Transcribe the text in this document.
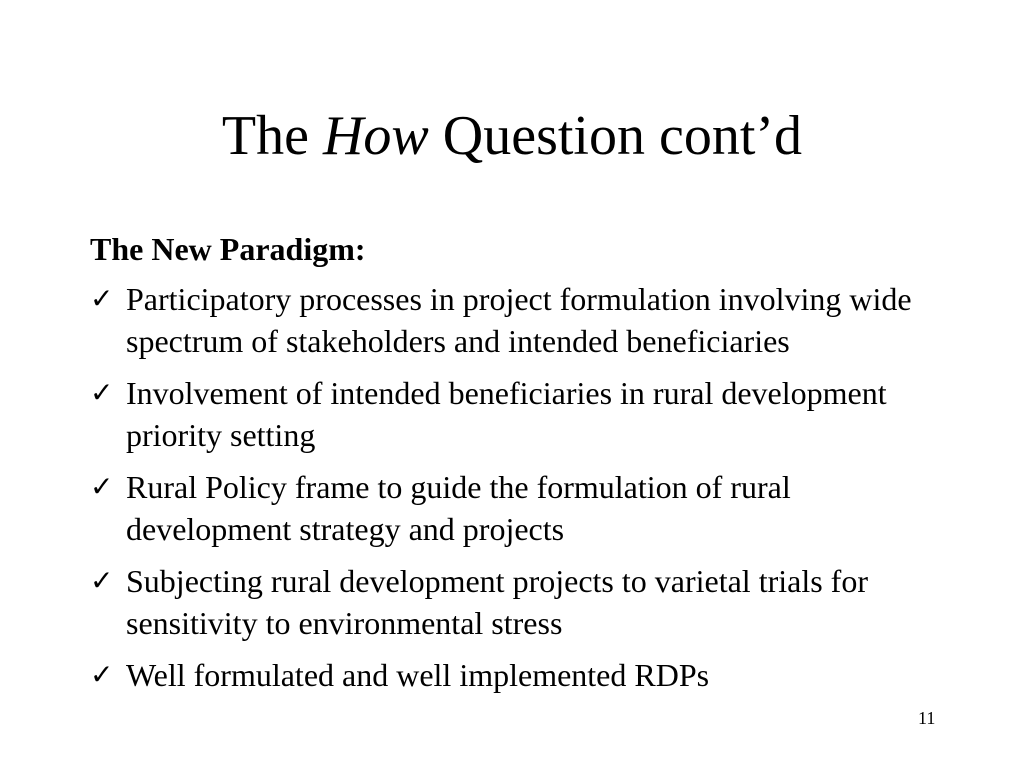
The How Question cont’d
The New Paradigm:
✓ Participatory processes in project formulation involving wide spectrum of stakeholders and intended beneficiaries
✓ Involvement of intended beneficiaries in rural development priority setting
✓ Rural Policy frame to guide the formulation of rural development strategy and projects
✓ Subjecting rural development projects to varietal trials for sensitivity to environmental stress
✓ Well formulated and well implemented RDPs
11
